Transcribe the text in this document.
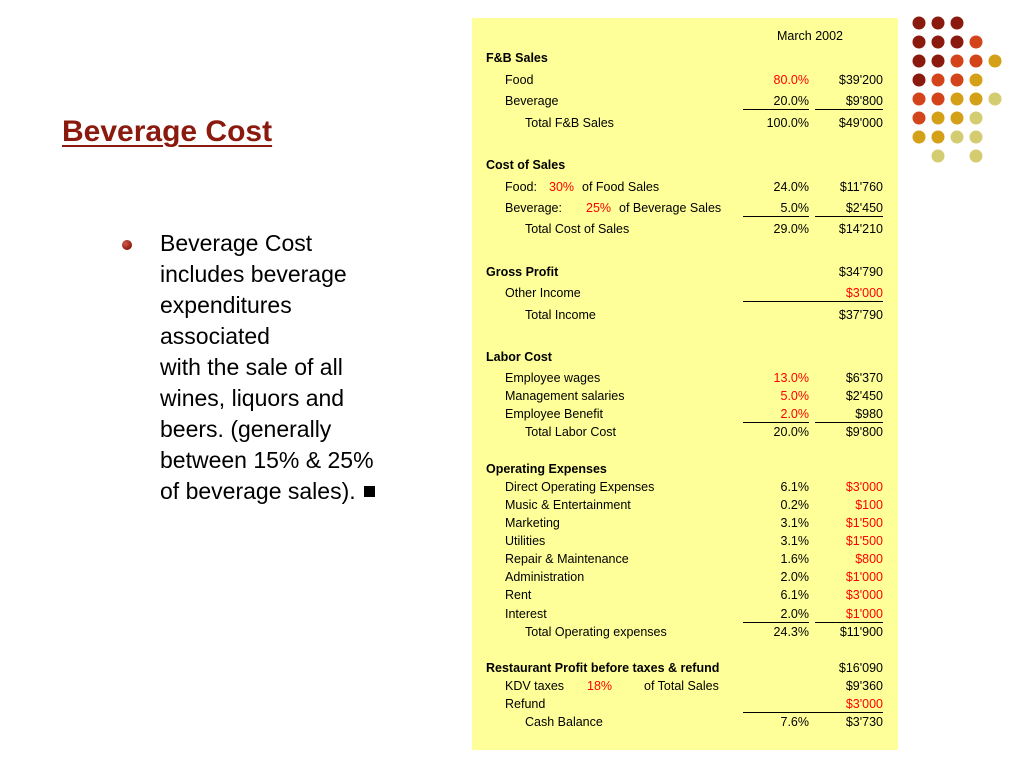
Beverage Cost
Beverage Cost
includes beverage
expenditures
associated
with the sale of all
wines, liquors and
beers. (generally
between 15% & 25%
of beverage sales).
March 2002
F&B Sales
Food	80.0% $39'200
Beverage	20.0%	$9'800
Total F&B Sales	100.0% $49'000
Cost of Sales
Food: 30% of Food Sales	24.0% $11'760
Beverage: 25% of Beverage Sales	5.0%	$2'450
Total Cost of Sales	29.0% $14'210
Gross Profit	$34'790
Other Income	$3'000
Total Income	$37'790
Labor Cost
Employee wages	13.0%	$6'370
Management salaries	5.0%	$2'450
Employee Benefit	2.0%	$980
Total Labor Cost	20.0%	$9'800
Operating Expenses
Direct Operating Expenses	6.1%	$3'000
Music & Entertainment	0.2%	$100
Marketing	3.1%	$1'500
Utilities	3.1%	$1'500
Repair & Maintenance	1.6%	$800
Administration	2.0%	$1'000
Rent	6.1%	$3'000
Interest	2.0%	$1'000
Total Operating expenses	24.3% $11'900
Restaurant Profit before taxes & refund	$16'090
KDV taxes 18%	of Total Sales	$9'360
Refund	$3'000
Cash Balance	7.6%	$3'730
